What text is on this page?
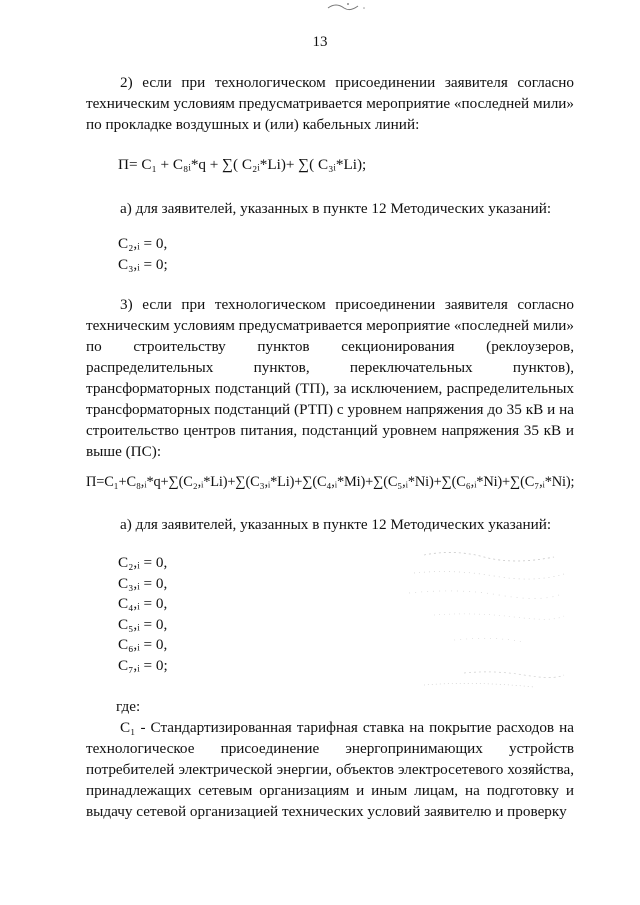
13

2) если при технологическом присоединении заявителя согласно техническим условиям предусматривается мероприятие «последней мили» по прокладке воздушных и (или) кабельных линий:

П= C₁ + C₈ᵢ*q + ∑( C₂ᵢ*Li)+ ∑( C₃ᵢ*Li);

а) для заявителей, указанных в пункте 12 Методических указаний:

C₂,ᵢ = 0,
C₃,ᵢ = 0;

3) если при технологическом присоединении заявителя согласно техническим условиям предусматривается мероприятие «последней мили» по строительству пунктов секционирования (реклоузеров, распределительных пунктов, переключательных пунктов), трансформаторных подстанций (ТП), за исключением, распределительных трансформаторных подстанций (РТП) с уровнем напряжения до 35 кВ и на строительство центров питания, подстанций уровнем напряжения 35 кВ и выше (ПС):

П=C₁+C₈,ᵢ*q+∑(C₂,ᵢ*Li)+∑(C₃,ᵢ*Li)+∑(C₄,ᵢ*Mi)+∑(C₅,ᵢ*Ni)+∑(C₆,ᵢ*Ni)+∑(C₇,ᵢ*Ni);

а) для заявителей, указанных в пункте 12 Методических указаний:

C₂,ᵢ = 0,
C₃,ᵢ = 0,
C₄,ᵢ = 0,
C₅,ᵢ = 0,
C₆,ᵢ = 0,
C₇,ᵢ = 0;
где:

C₁ - Стандартизированная тарифная ставка на покрытие расходов на технологическое присоединение энергопринимающих устройств потребителей электрической энергии, объектов электросетевого хозяйства, принадлежащих сетевым организациям и иным лицам, на подготовку и выдачу сетевой организацией технических условий заявителю и проверку
